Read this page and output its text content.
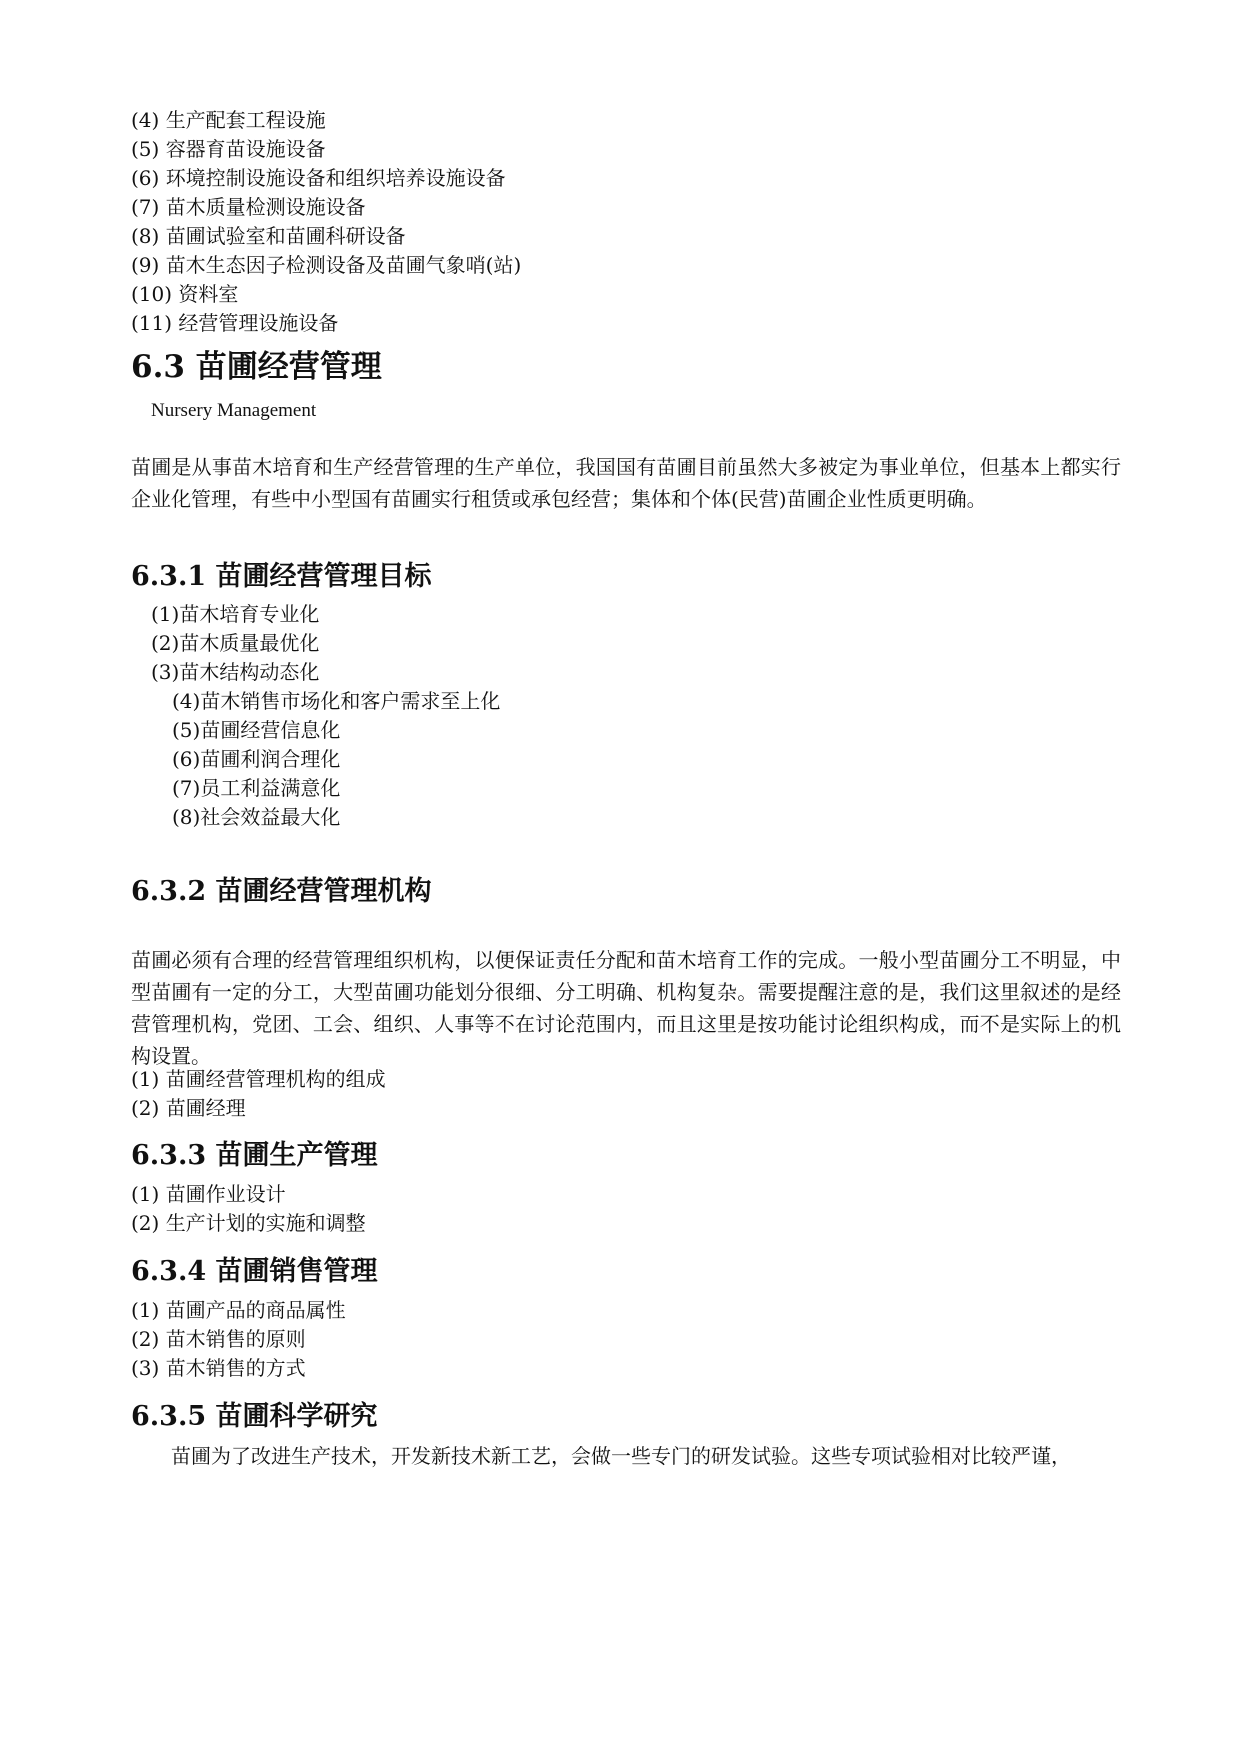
(4) 生产配套工程设施
(5) 容器育苗设施设备
(6) 环境控制设施设备和组织培养设施设备
(7) 苗木质量检测设施设备
(8) 苗圃试验室和苗圃科研设备
(9) 苗木生态因子检测设备及苗圃气象哨(站)
(10) 资料室
(11) 经营管理设施设备
6.3 苗圃经营管理
Nursery Management
苗圃是从事苗木培育和生产经营管理的生产单位，我国国有苗圃目前虽然大多被定为事业单位，但基本上都实行企业化管理，有些中小型国有苗圃实行租赁或承包经营；集体和个体(民营)苗圃企业性质更明确。
6.3.1 苗圃经营管理目标
(1)苗木培育专业化
(2)苗木质量最优化
(3)苗木结构动态化
(4)苗木销售市场化和客户需求至上化
(5)苗圃经营信息化
(6)苗圃利润合理化
(7)员工利益满意化
(8)社会效益最大化
6.3.2 苗圃经营管理机构
苗圃必须有合理的经营管理组织机构，以便保证责任分配和苗木培育工作的完成。一般小型苗圃分工不明显，中型苗圃有一定的分工，大型苗圃功能划分很细、分工明确、机构复杂。需要提醒注意的是，我们这里叙述的是经营管理机构，党团、工会、组织、人事等不在讨论范围内，而且这里是按功能讨论组织构成，而不是实际上的机构设置。
(1) 苗圃经营管理机构的组成
(2) 苗圃经理
6.3.3 苗圃生产管理
(1) 苗圃作业设计
(2) 生产计划的实施和调整
6.3.4 苗圃销售管理
(1) 苗圃产品的商品属性
(2) 苗木销售的原则
(3) 苗木销售的方式
6.3.5 苗圃科学研究
苗圃为了改进生产技术，开发新技术新工艺，会做一些专门的研发试验。这些专项试验相对比较严谨，
